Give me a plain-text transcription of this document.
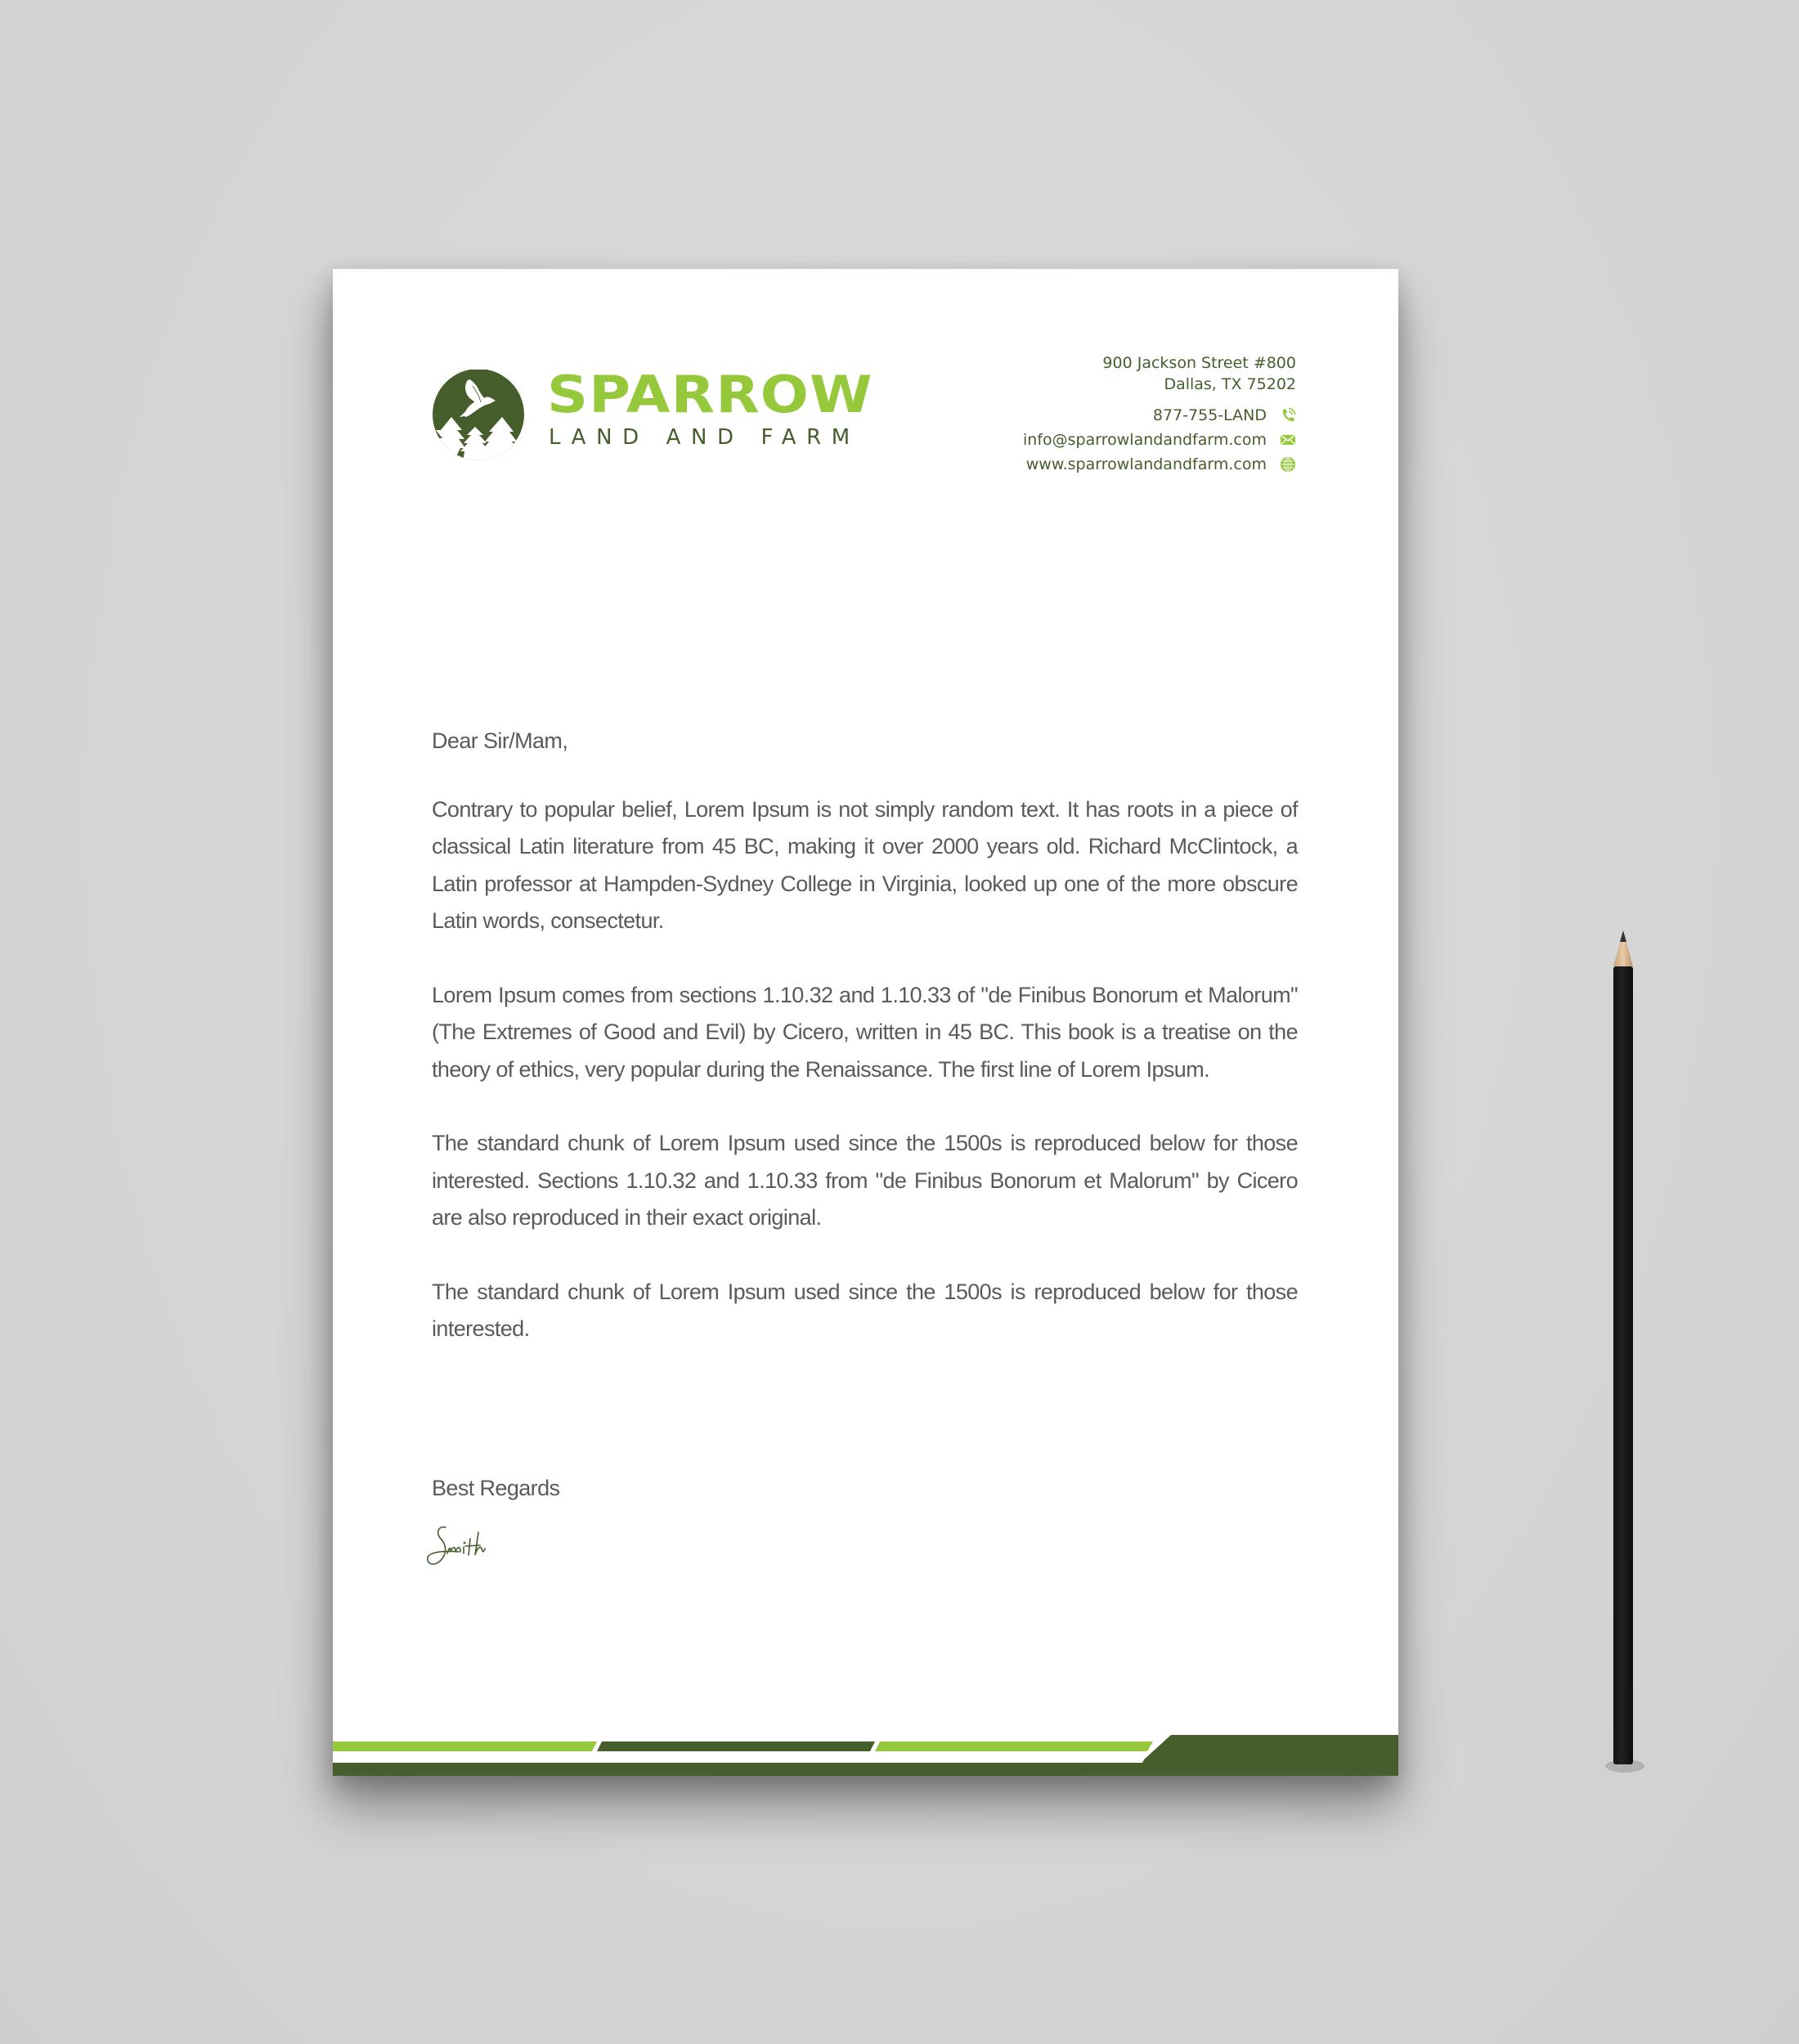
SPARROW
LAND AND FARM
900 Jackson Street #800
Dallas, TX 75202
877-755-LAND
info@sparrowlandandfarm.com
www.sparrowlandandfarm.com

Dear Sir/Mam,

Contrary to popular belief, Lorem Ipsum is not simply random text. It has roots in a piece of classical Latin literature from 45 BC, making it over 2000 years old. Richard McClintock, a Latin professor at Hampden-Sydney College in Virginia, looked up one of the more obscure Latin words, consectetur.

Lorem Ipsum comes from sections 1.10.32 and 1.10.33 of "de Finibus Bonorum et Malorum" (The Extremes of Good and Evil) by Cicero, written in 45 BC. This book is a treatise on the theory of ethics, very popular during the Renaissance. The first line of Lorem Ipsum.

The standard chunk of Lorem Ipsum used since the 1500s is reproduced below for those interested. Sections 1.10.32 and 1.10.33 from "de Finibus Bonorum et Malorum" by Cicero are also reproduced in their exact original.

The standard chunk of Lorem Ipsum used since the 1500s is reproduced below for those interested.

Best Regards
